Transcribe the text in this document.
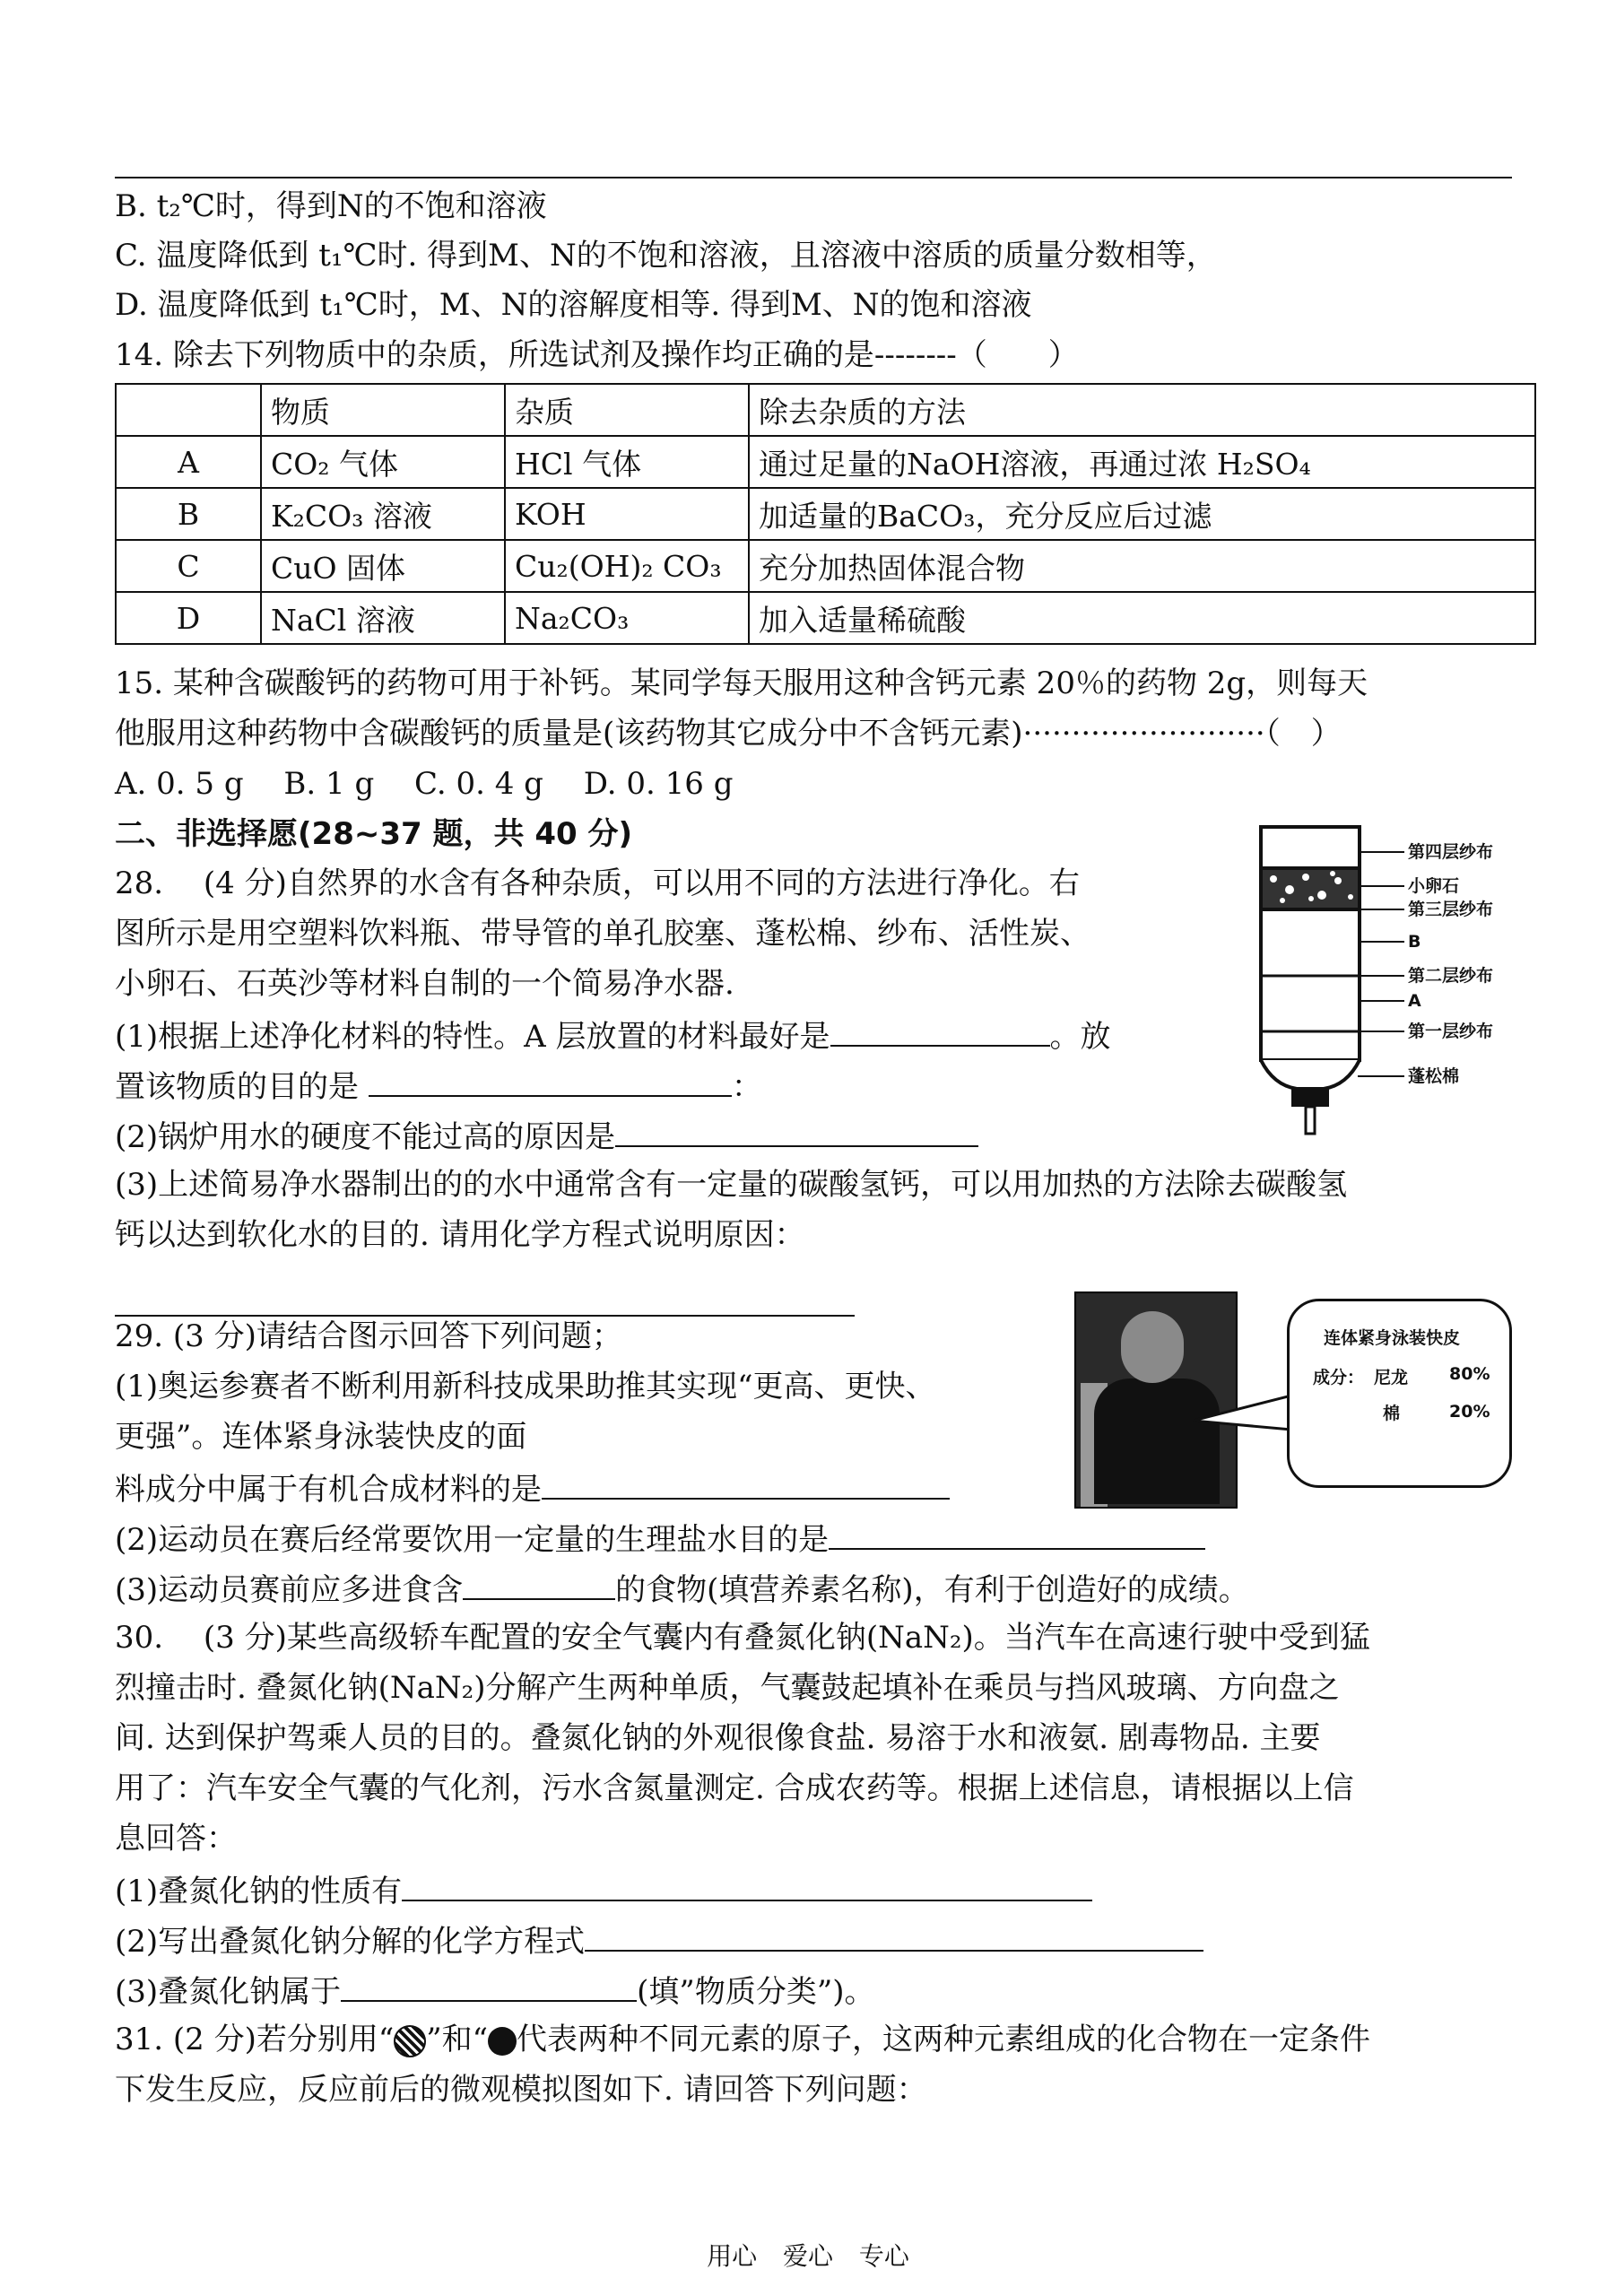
B. t₂℃时，得到N的不饱和溶液
C. 温度降低到 t₁℃时. 得到M、N的不饱和溶液，且溶液中溶质的质量分数相等，
D. 温度降低到 t₁℃时，M、N的溶解度相等. 得到M、N的饱和溶液
14. 除去下列物质中的杂质，所选试剂及操作均正确的是--------（　　）
	物质	杂质	除去杂质的方法
A	CO₂ 气体	HCl 气体	通过足量的NaOH溶液，再通过浓 H₂SO₄
B	K₂CO₃ 溶液	KOH	加适量的BaCO₃，充分反应后过滤
C	CuO 固体	Cu₂(OH)₂ CO₃	充分加热固体混合物
D	NaCl 溶液	Na₂CO₃	加入适量稀硫酸
15. 某种含碳酸钙的药物可用于补钙。某同学每天服用这种含钙元素 20％的药物 2g，则每天
他服用这种药物中含碳酸钙的质量是(该药物其它成分中不含钙元素)·························（　）
A. 0. 5 g　 B. 1 g　 C. 0. 4 g　 D. 0. 16 g
二、非选择愿(28~37 题，共 40 分)
28.　 (4 分)自然界的水含有各种杂质，可以用不同的方法进行净化。右
图所示是用空塑料饮料瓶、带导管的单孔胶塞、蓬松棉、纱布、活性炭、
小卵石、石英沙等材料自制的一个简易净水器.
(1)根据上述净化材料的特性。A 层放置的材料最好是	。放
置该物质的目的是	：
(2)锅炉用水的硬度不能过高的原因是
(3)上述简易净水器制出的的水中通常含有一定量的碳酸氢钙，可以用加热的方法除去碳酸氢
钙以达到软化水的目的. 请用化学方程式说明原因：
第四层纱布
小卵石
第三层纱布
B
第二层纱布
A
第一层纱布
蓬松棉
29. (3 分)请结合图示回答下列问题；
(1)奥运参赛者不断利用新科技成果助推其实现“更高、更快、
更强”。连体紧身泳装快皮的面
料成分中属于有机合成材料的是
(2)运动员在赛后经常要饮用一定量的生理盐水目的是
(3)运动员赛前应多进食含	的食物(填营养素名称)，有利于创造好的成绩。
连体紧身泳装快皮
成分： 尼龙 80%
棉	20%
30.　 (3 分)某些高级轿车配置的安全气囊内有叠氮化钠(NaN₂)。当汽车在高速行驶中受到猛
烈撞击时. 叠氮化钠(NaN₂)分解产生两种单质，气囊鼓起填补在乘员与挡风玻璃、方向盘之
间. 达到保护驾乘人员的目的。叠氮化钠的外观很像食盐. 易溶于水和液氨. 剧毒物品. 主要
用了：汽车安全气囊的气化剂，污水含氮量测定. 合成农药等。根据上述信息，请根据以上信
息回答：
(1)叠氮化钠的性质有
(2)写出叠氮化钠分解的化学方程式
(3)叠氮化钠属于	(填”物质分类”)。
31. (2 分)若分别用“ ”和“ 代表两种不同元素的原子，这两种元素组成的化合物在一定条件
下发生反应，反应前后的微观模拟图如下. 请回答下列问题：
用心 爱心 专心
